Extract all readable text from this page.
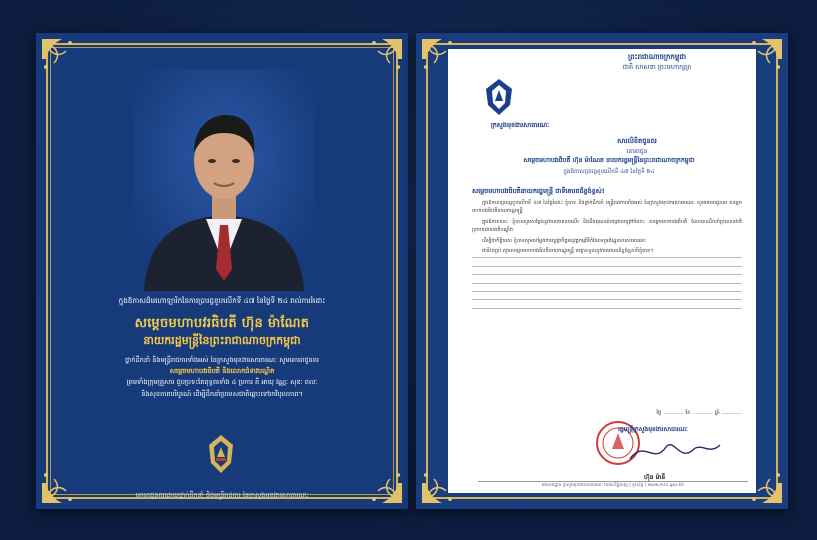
ក្នុងឱកាសដ៏មហោឡារិកនៃការប្រារព្ធខួបលើកទី ៤៧ នៃថ្ងៃទី ២៤ រាល់ការរំដោះ
សម្តេចមហាបវរធិបតី ហ៊ុន ម៉ាណែត
នាយករដ្ឋមន្ត្រីនៃព្រះរាជាណាចក្រកម្ពុជា
ថ្នាក់ដឹកនាំ និងមន្ត្រីរាជការទាំងអស់ នៃក្រសួងមុខងារសាធារណៈ សូមគោរពជូនពរ
សម្តេចមហាបវរធិបតី និងលោកជំទាវបណ្ឌិត
ព្រមទាំងក្រុមគ្រួសារ ជួបប្រទះតែពុទ្ធពរទាំង ៤ ប្រការ គឺ អាយុ វណ្ណៈ សុខៈ ពលៈ
និងសុខភាពបរិបូរណ៍ ដើម្បីដឹកនាំប្រទេសជាតិឆ្ពោះទៅរកវិបុលភាព។
គោរពជូនពរដោយថ្នាក់ដឹកនាំ និងមន្ត្រីរាជការ នៃក្រសួងមុខងារសាធារណៈ
ព្រះរាជាណាចក្រកម្ពុជា
ជាតិ សាសនា ព្រះមហាក្សត្រ
ក្រសួងមុខងារសាធារណៈ
សារលិខិតជូនពរ
គោរពជូន
សម្តេចមហាបវរធិបតី ហ៊ុន ម៉ាណែត នាយករដ្ឋមន្ត្រីនៃព្រះរាជាណាចក្រកម្ពុជា
ក្នុងឱកាសប្រារព្ធខួបលើកទី ៤៧ នៃថ្ងៃទី ២៤
សម្តេចមហាបវរធិបតីនាយករដ្ឋមន្ត្រី ជាទីគោរពដ៏ខ្ពង់ខ្ពស់!

ក្នុងឱកាសប្រារព្ធខួបលើកទី ៤៧ នៃថ្ងៃរំដោះ ខ្ញុំបាទ និងថ្នាក់ដឹកនាំ មន្ត្រីរាជការទាំងអស់ នៃក្រសួងមុខងារសាធារណៈ សូមគោរពជូនពរ សម្តេចមហាបវរធិបតីនាយករដ្ឋមន្ត្រី

ក្នុងឱកាសនេះ ខ្ញុំបាទសូមសម្តែងនូវការកោតសរសើរ និងដឹងគុណយ៉ាងជ្រាលជ្រៅចំពោះ សម្តេចមហាបវរធិបតី ដែលបានដឹកនាំប្រទេសជាតិប្រកបដោយគតិបណ្ឌិត

ដើម្បីជាកិត្តិយស ខ្ញុំបាទសូមសម្តែងការប្តេជ្ញាចិត្តអនុវត្តកម្មវិធីកំណែទម្រង់រដ្ឋបាលសាធារណៈ

ជាទីបញ្ចប់ សូមសម្តេចមហាបវរធិបតីនាយករដ្ឋមន្ត្រី មេត្តាទទួលនូវការគោរពដ៏ខ្ពង់ខ្ពស់ពីខ្ញុំបាទ។

ថ្ងៃ ............ ខែ ............ ឆ្នាំ ............
រដ្ឋមន្ត្រីក្រសួងមុខងារសាធារណៈ
ហ៊ុន ម៉ានី
អាសយដ្ឋាន ក្រសួងមុខងារសាធារណៈ រាជធានីភ្នំពេញ | ទូរស័ព្ទ | www.mcs.gov.kh
